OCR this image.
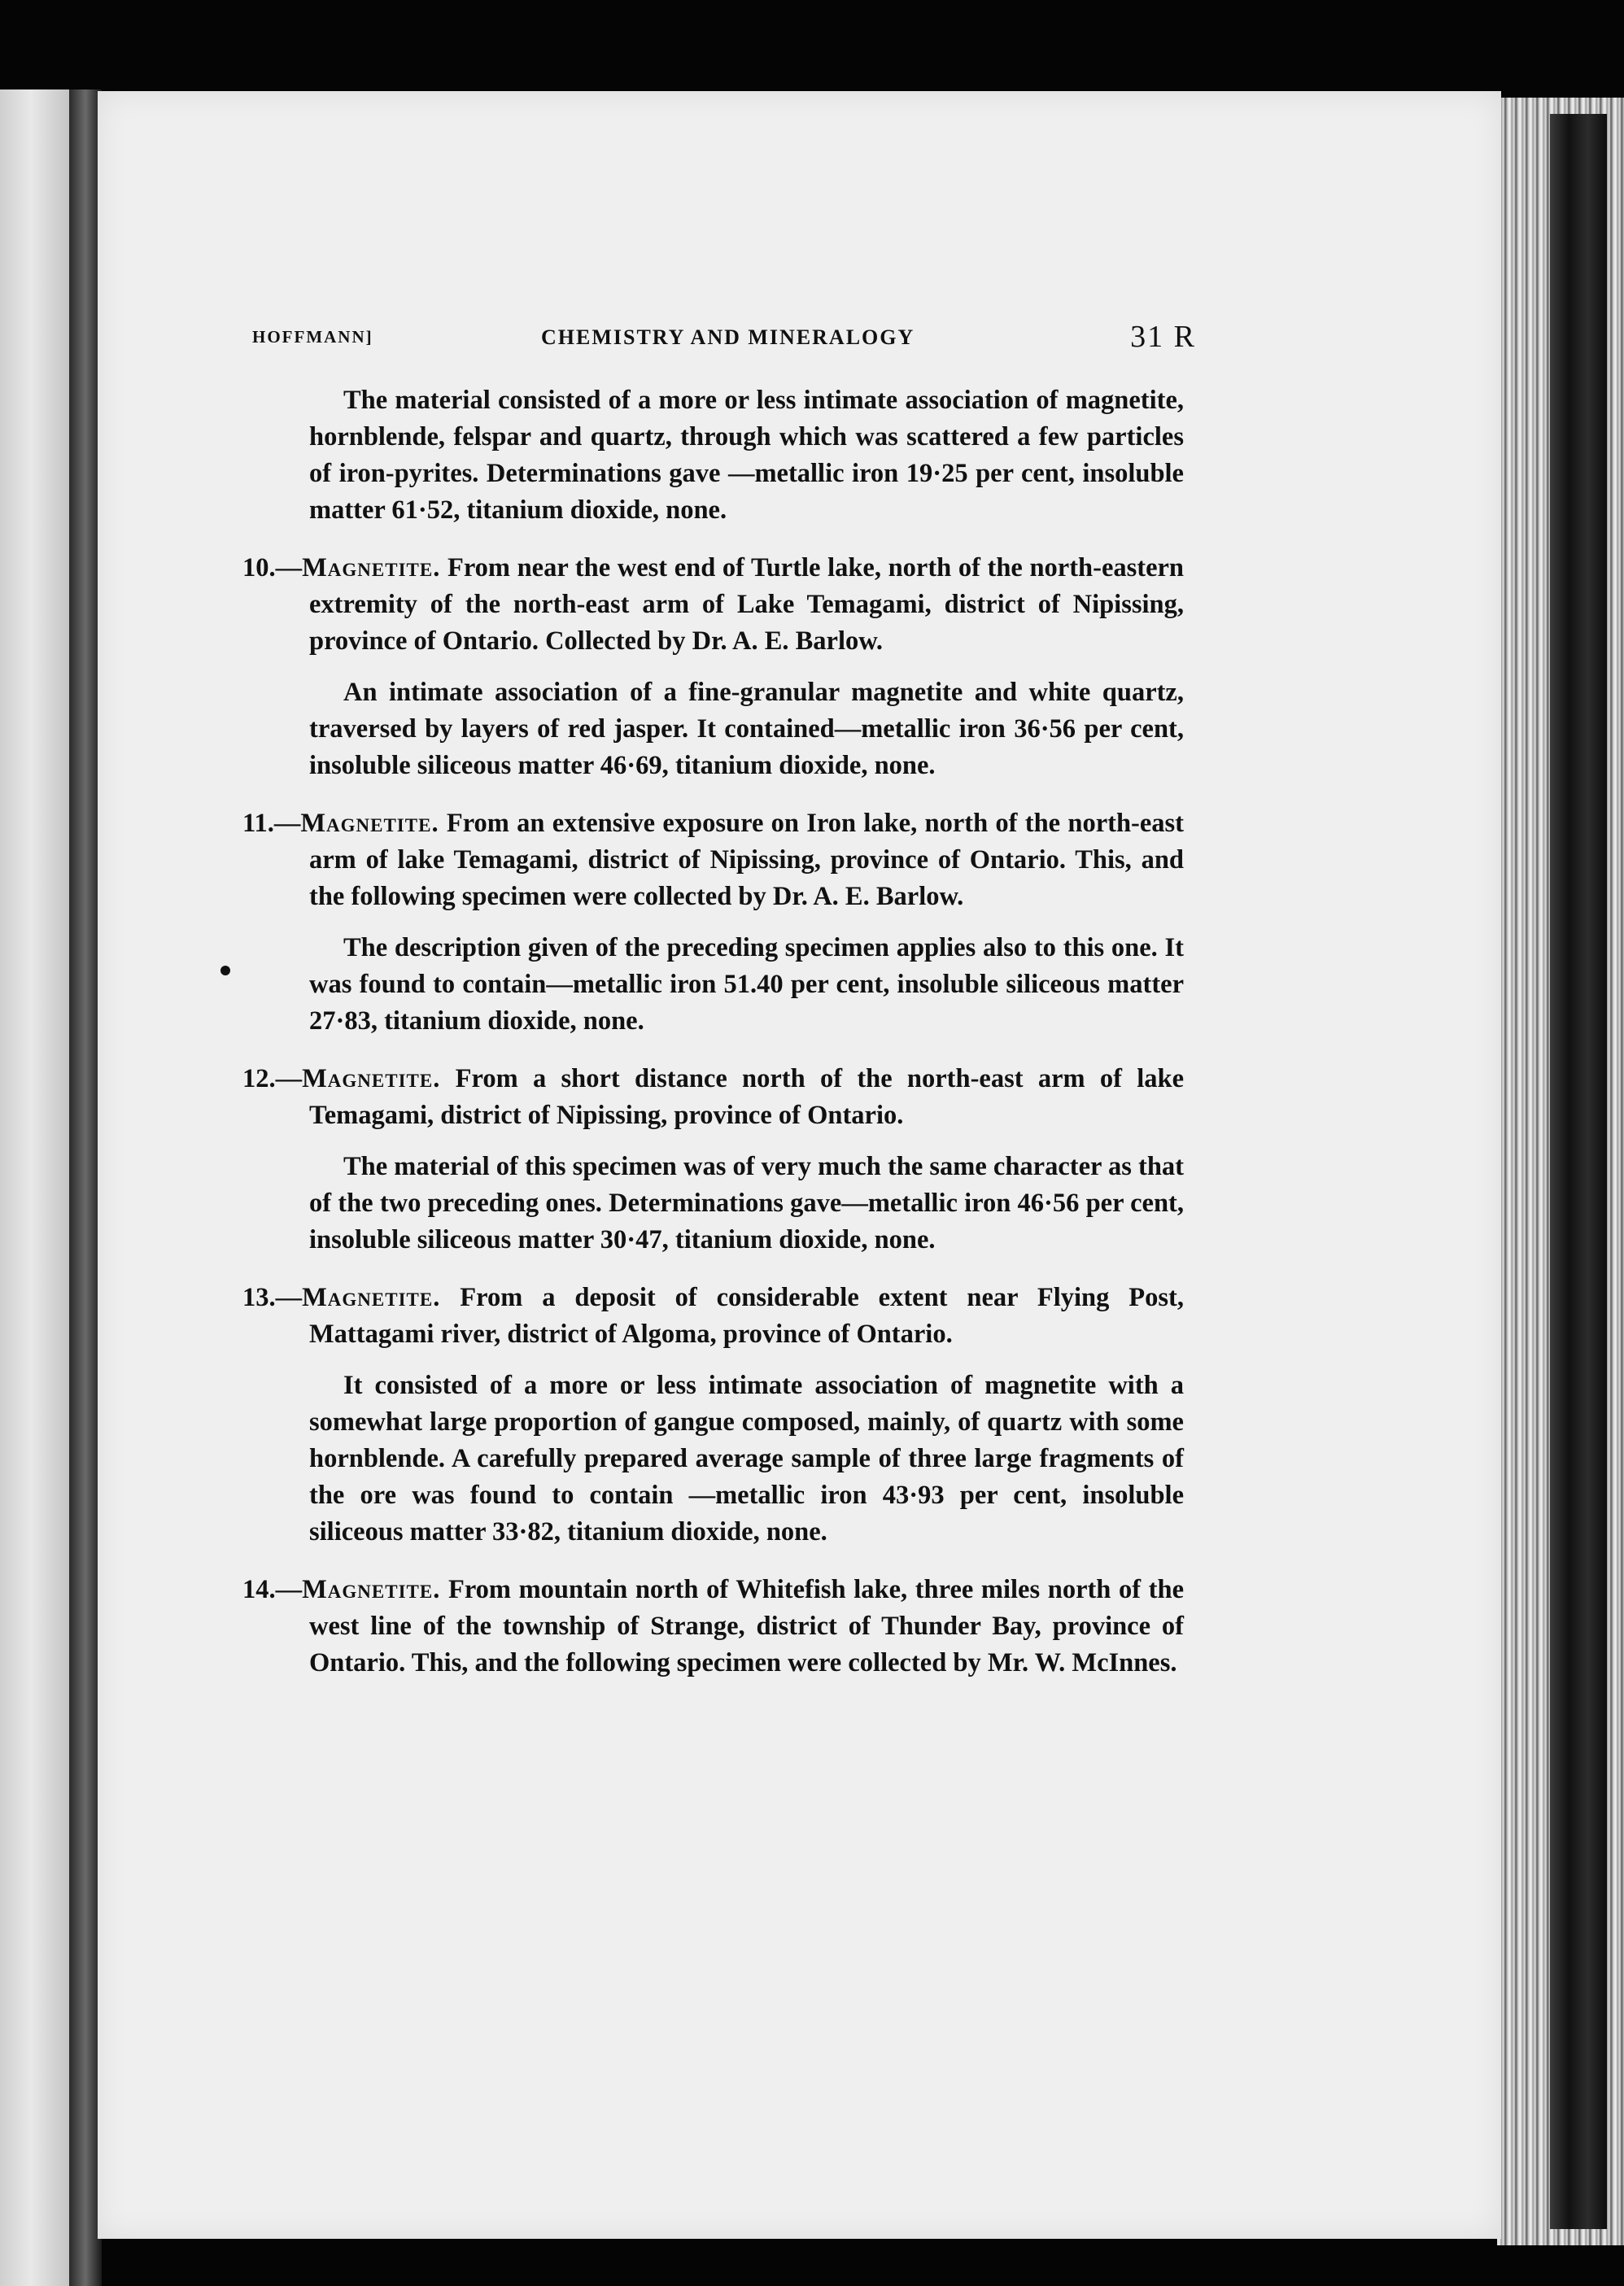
HOFFMANN]	CHEMISTRY AND MINERALOGY	31 R

The material consisted of a more or less intimate association of magnetite, hornblende, felspar and quartz, through which was scattered a few particles of iron-pyrites. Determinations gave —metallic iron 19·25 per cent, insoluble matter 61·52, titanium dioxide, none.

10.—Magnetite. From near the west end of Turtle lake, north of the north-eastern extremity of the north-east arm of Lake Temagami, district of Nipissing, province of Ontario. Collected by Dr. A. E. Barlow.

An intimate association of a fine-granular magnetite and white quartz, traversed by layers of red jasper. It contained—metallic iron 36·56 per cent, insoluble siliceous matter 46·69, titanium dioxide, none.

11.—Magnetite. From an extensive exposure on Iron lake, north of the north-east arm of lake Temagami, district of Nipissing, province of Ontario. This, and the following specimen were collected by Dr. A. E. Barlow.

The description given of the preceding specimen applies also to this one. It was found to contain—metallic iron 51.40 per cent, insoluble siliceous matter 27·83, titanium dioxide, none.

12.—Magnetite. From a short distance north of the north-east arm of lake Temagami, district of Nipissing, province of Ontario.

The material of this specimen was of very much the same character as that of the two preceding ones. Determinations gave—metallic iron 46·56 per cent, insoluble siliceous matter 30·47, titanium dioxide, none.

13.—Magnetite. From a deposit of considerable extent near Flying Post, Mattagami river, district of Algoma, province of Ontario.

It consisted of a more or less intimate association of magnetite with a somewhat large proportion of gangue composed, mainly, of quartz with some hornblende. A carefully prepared average sample of three large fragments of the ore was found to contain —metallic iron 43·93 per cent, insoluble siliceous matter 33·82, titanium dioxide, none.

14.—Magnetite. From mountain north of Whitefish lake, three miles north of the west line of the township of Strange, district of Thunder Bay, province of Ontario. This, and the following specimen were collected by Mr. W. McInnes.
